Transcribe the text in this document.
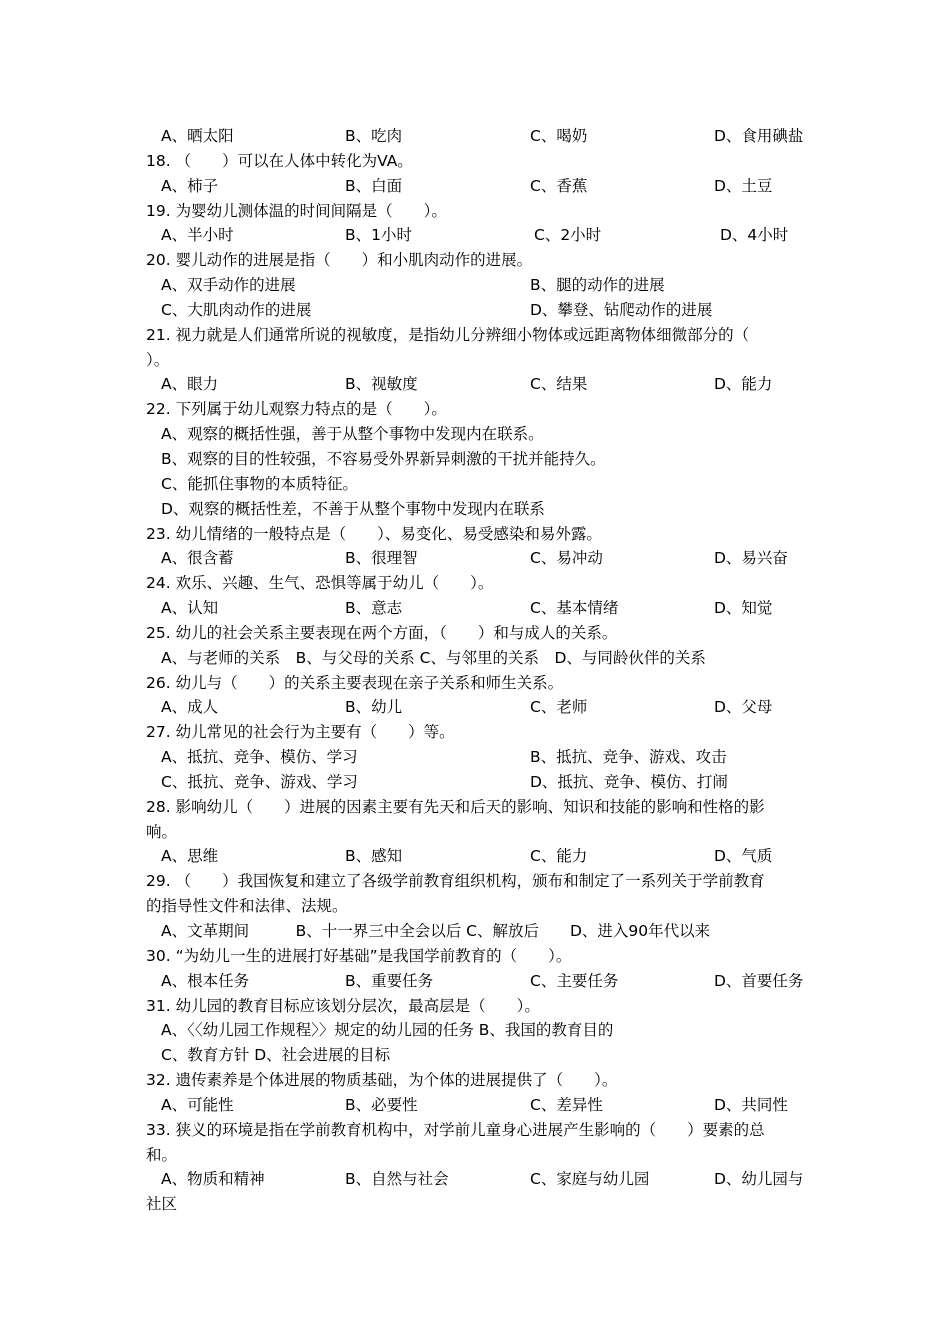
A、晒太阳	B、吃肉	C、喝奶	D、食用碘盐
18. （　　）可以在人体中转化为VA。
A、柿子	B、白面	C、香蕉	D、土豆
19. 为婴幼儿测体温的时间间隔是（　　）。
A、半小时	B、1小时	C、2小时	D、4小时
20. 婴儿动作的进展是指（　　）和小肌肉动作的进展。
A、双手动作的进展	B、腿的动作的进展
C、大肌肉动作的进展	D、攀登、钻爬动作的进展
21. 视力就是人们通常所说的视敏度，是指幼儿分辨细小物体或远距离物体细微部分的（
）。
A、眼力	B、视敏度	C、结果	D、能力
22. 下列属于幼儿观察力特点的是（　　）。
A、观察的概括性强，善于从整个事物中发现内在联系。
B、观察的目的性较强，不容易受外界新异刺激的干扰并能持久。
C、能抓住事物的本质特征。
D、观察的概括性差，不善于从整个事物中发现内在联系
23. 幼儿情绪的一般特点是（　　）、易变化、易受感染和易外露。
A、很含蓄	B、很理智	C、易冲动	D、易兴奋
24. 欢乐、兴趣、生气、恐惧等属于幼儿（　　）。
A、认知	B、意志	C、基本情绪	D、知觉
25. 幼儿的社会关系主要表现在两个方面，（　　）和与成人的关系。
A、与老师的关系　B、与父母的关系 C、与邻里的关系　D、与同龄伙伴的关系
26. 幼儿与（　　）的关系主要表现在亲子关系和师生关系。
A、成人	B、幼儿	C、老师	D、父母
27. 幼儿常见的社会行为主要有（　　）等。
A、抵抗、竞争、模仿、学习	B、抵抗、竞争、游戏、攻击
C、抵抗、竞争、游戏、学习	D、抵抗、竞争、模仿、打闹
28. 影响幼儿（　　）进展的因素主要有先天和后天的影响、知识和技能的影响和性格的影
响。
A、思维	B、感知	C、能力	D、气质
29. （　　）我国恢复和建立了各级学前教育组织机构，颁布和制定了一系列关于学前教育
的指导性文件和法律、法规。
A、文革期间　　　B、十一界三中全会以后 C、解放后　　D、进入90年代以来
30. “为幼儿一生的进展打好基础”是我国学前教育的（　　）。
A、根本任务	B、重要任务	C、主要任务	D、首要任务
31. 幼儿园的教育目标应该划分层次，最高层是（　　）。
A、〈〈幼儿园工作规程〉〉规定的幼儿园的任务 B、我国的教育目的
C、教育方针 D、社会进展的目标
32. 遗传素养是个体进展的物质基础，为个体的进展提供了（　　）。
A、可能性	B、必要性	C、差异性	D、共同性
33. 狭义的环境是指在学前教育机构中，对学前儿童身心进展产生影响的（　　）要素的总
和。
A、物质和精神	B、自然与社会	C、家庭与幼儿园	D、幼儿园与
社区
